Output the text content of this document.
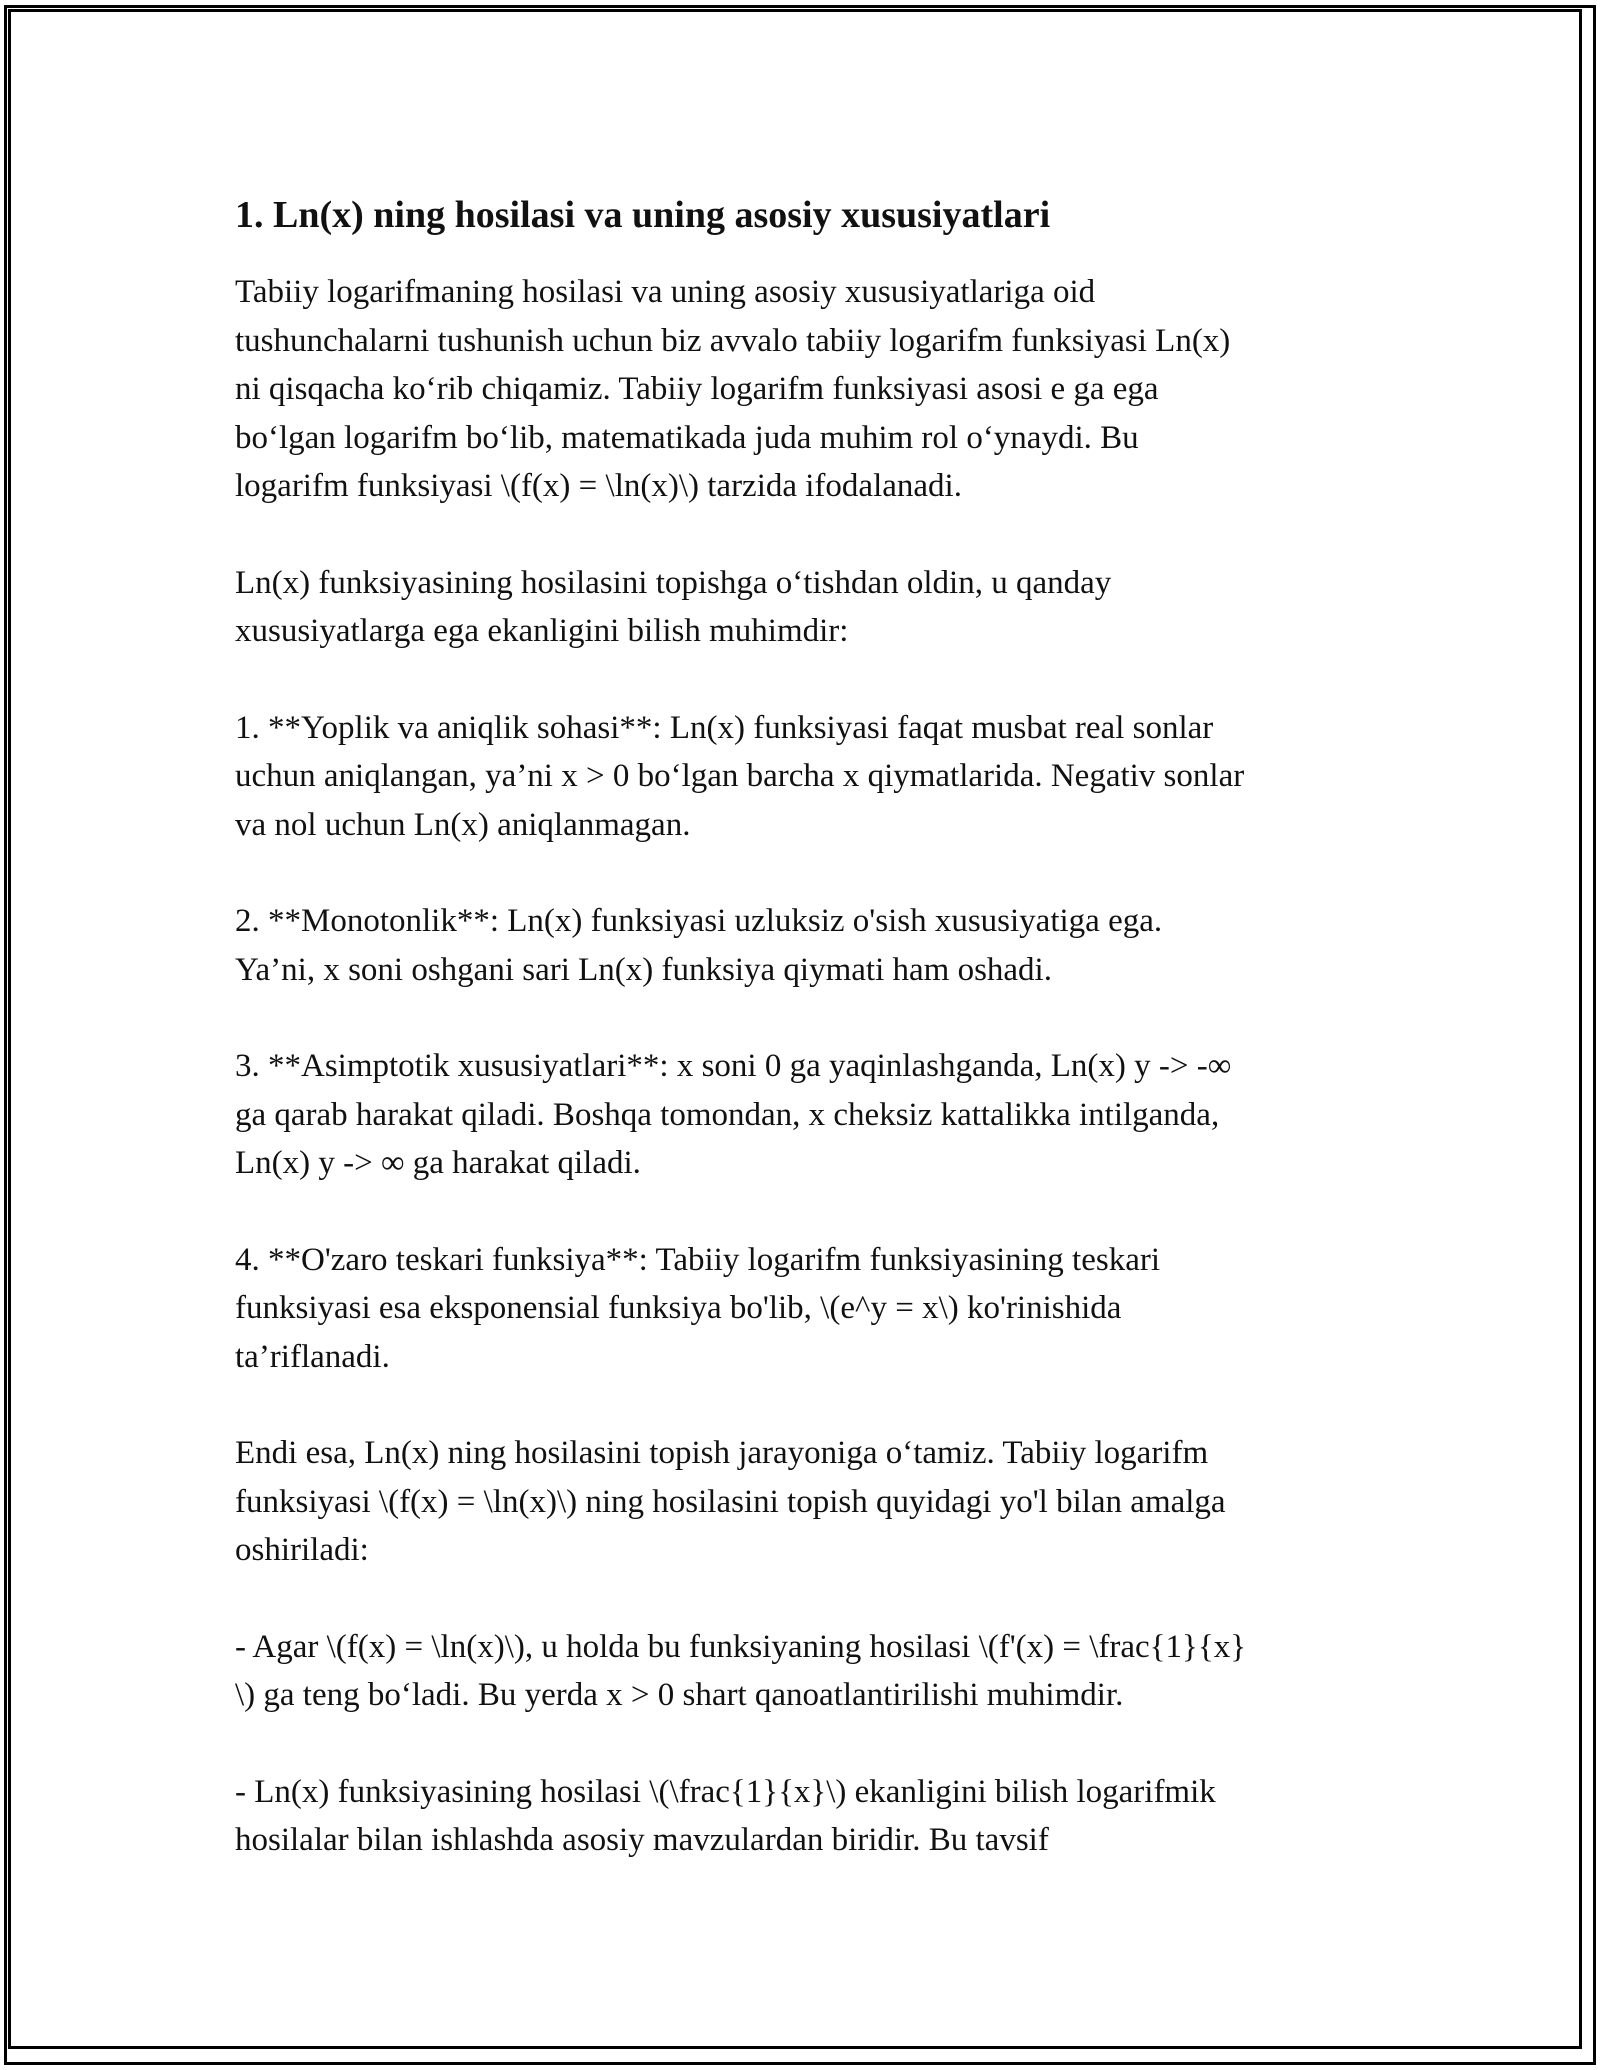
1. Ln(x) ning hosilasi va uning asosiy xususiyatlari

Tabiiy logarifmaning hosilasi va uning asosiy xususiyatlariga oid
tushunchalarni tushunish uchun biz avvalo tabiiy logarifm funksiyasi Ln(x)
ni qisqacha ko‘rib chiqamiz. Tabiiy logarifm funksiyasi asosi e ga ega
bo‘lgan logarifm bo‘lib, matematikada juda muhim rol o‘ynaydi. Bu
logarifm funksiyasi \(f(x) = \ln(x)\) tarzida ifodalanadi.

Ln(x) funksiyasining hosilasini topishga o‘tishdan oldin, u qanday
xususiyatlarga ega ekanligini bilish muhimdir:

1. **Yoplik va aniqlik sohasi**: Ln(x) funksiyasi faqat musbat real sonlar
uchun aniqlangan, ya’ni x > 0 bo‘lgan barcha x qiymatlarida. Negativ sonlar
va nol uchun Ln(x) aniqlanmagan.

2. **Monotonlik**: Ln(x) funksiyasi uzluksiz o'sish xususiyatiga ega.
Ya’ni, x soni oshgani sari Ln(x) funksiya qiymati ham oshadi.

3. **Asimptotik xususiyatlari**: x soni 0 ga yaqinlashganda, Ln(x) y -> -∞
ga qarab harakat qiladi. Boshqa tomondan, x cheksiz kattalikka intilganda,
Ln(x) y -> ∞ ga harakat qiladi.

4. **O'zaro teskari funksiya**: Tabiiy logarifm funksiyasining teskari
funksiyasi esa eksponensial funksiya bo'lib, \(e^y = x\) ko'rinishida
ta’riflanadi.

Endi esa, Ln(x) ning hosilasini topish jarayoniga o‘tamiz. Tabiiy logarifm
funksiyasi \(f(x) = \ln(x)\) ning hosilasini topish quyidagi yo'l bilan amalga
oshiriladi:

- Agar \(f(x) = \ln(x)\), u holda bu funksiyaning hosilasi \(f'(x) = \frac{1}{x}
\) ga teng bo‘ladi. Bu yerda x > 0 shart qanoatlantirilishi muhimdir.

- Ln(x) funksiyasining hosilasi \(\frac{1}{x}\) ekanligini bilish logarifmik
hosilalar bilan ishlashda asosiy mavzulardan biridir. Bu tavsif
